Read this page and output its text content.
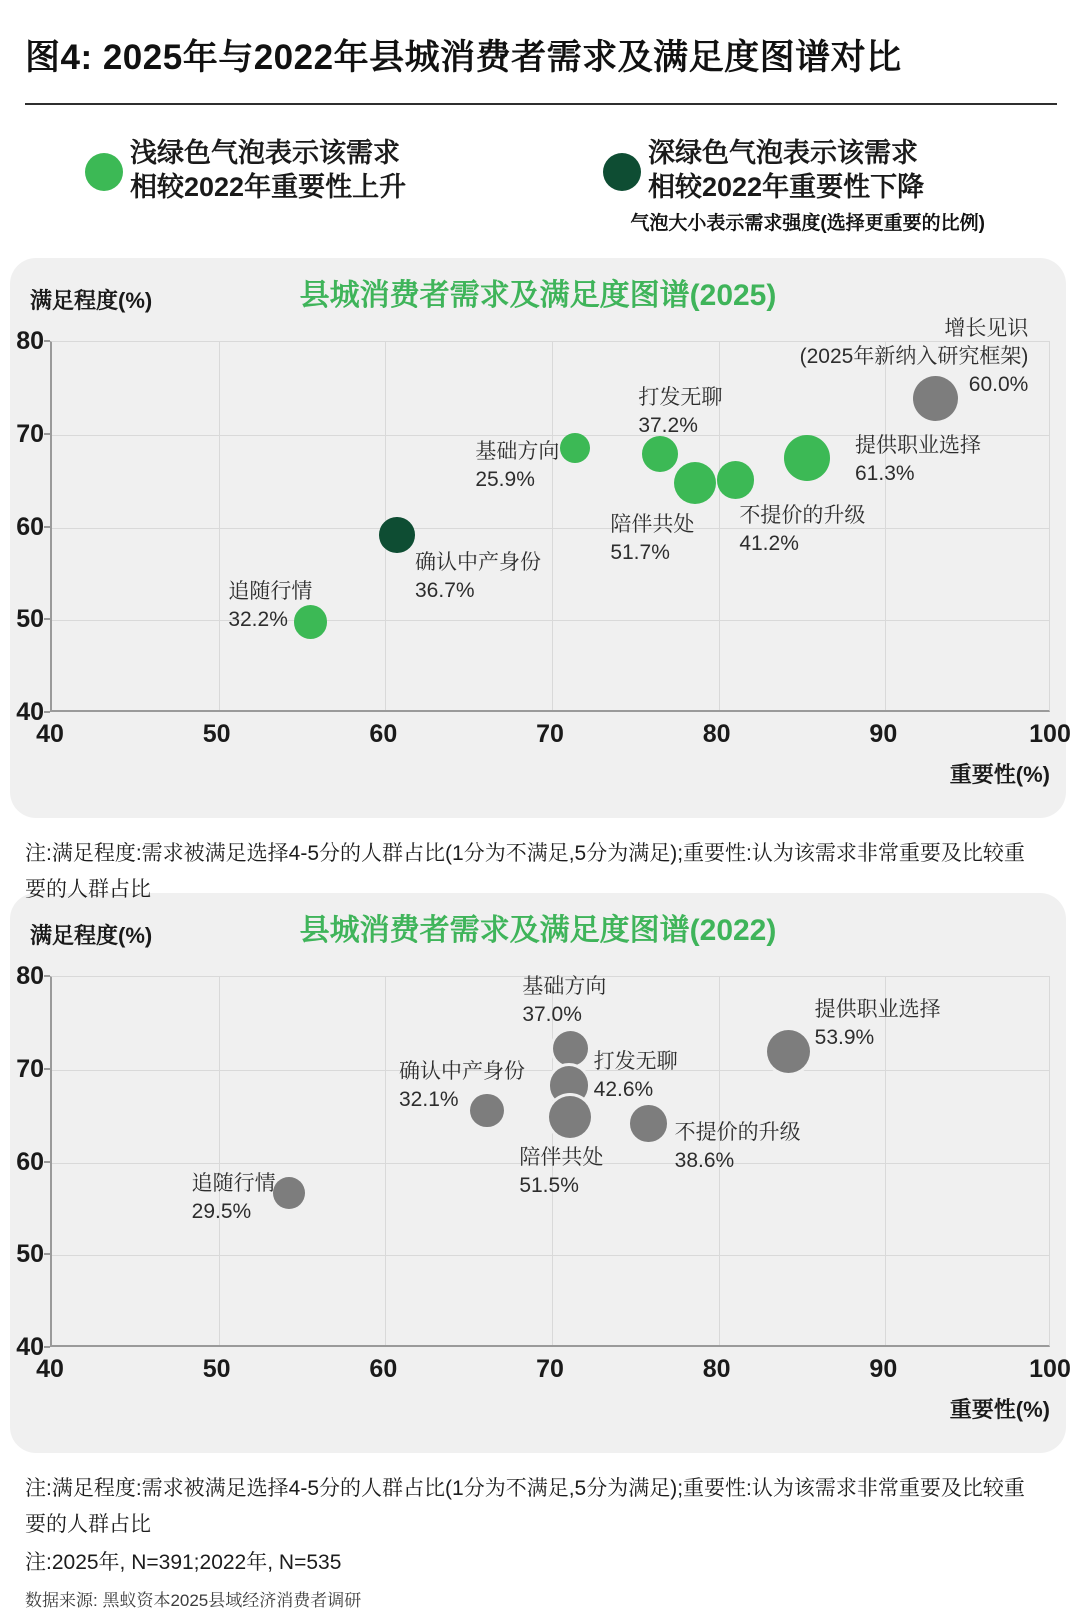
图4: 2025年与2022年县城消费者需求及满足度图谱对比
浅绿色气泡表示该需求
相较2022年重要性上升
深绿色气泡表示该需求
相较2022年重要性下降
气泡大小表示需求强度(选择更重要的比例)
县城消费者需求及满足度图谱(2025)
满足程度(%)
追随行情
32.2%
确认中产身份
36.7%
基础方向
25.9%
打发无聊
37.2%
陪伴共处
51.7%
不提价的升级
41.2%
提供职业选择
61.3%
增长见识
(2025年新纳入研究框架)
60.0%
80
70
60
50
40
40	50	60	70	80	90	100
重要性(%)
县城消费者需求及满足度图谱(2022)
满足程度(%)
基础方向
37.0%
打发无聊
42.6%
陪伴共处
51.5%
确认中产身份
32.1%
不提价的升级
38.6%
提供职业选择
53.9%
追随行情
29.5%
80
70
60
50
40
40	50	60	70	80	90	100
重要性(%)
注:满足程度:需求被满足选择4-5分的人群占比(1分为不满足,5分为满足);重要性:认为该需求非常重要及比较重要的人群占比
注:满足程度:需求被满足选择4-5分的人群占比(1分为不满足,5分为满足);重要性:认为该需求非常重要及比较重要的人群占比
注:2025年, N=391;2022年, N=535
数据来源: 黑蚁资本2025县域经济消费者调研
